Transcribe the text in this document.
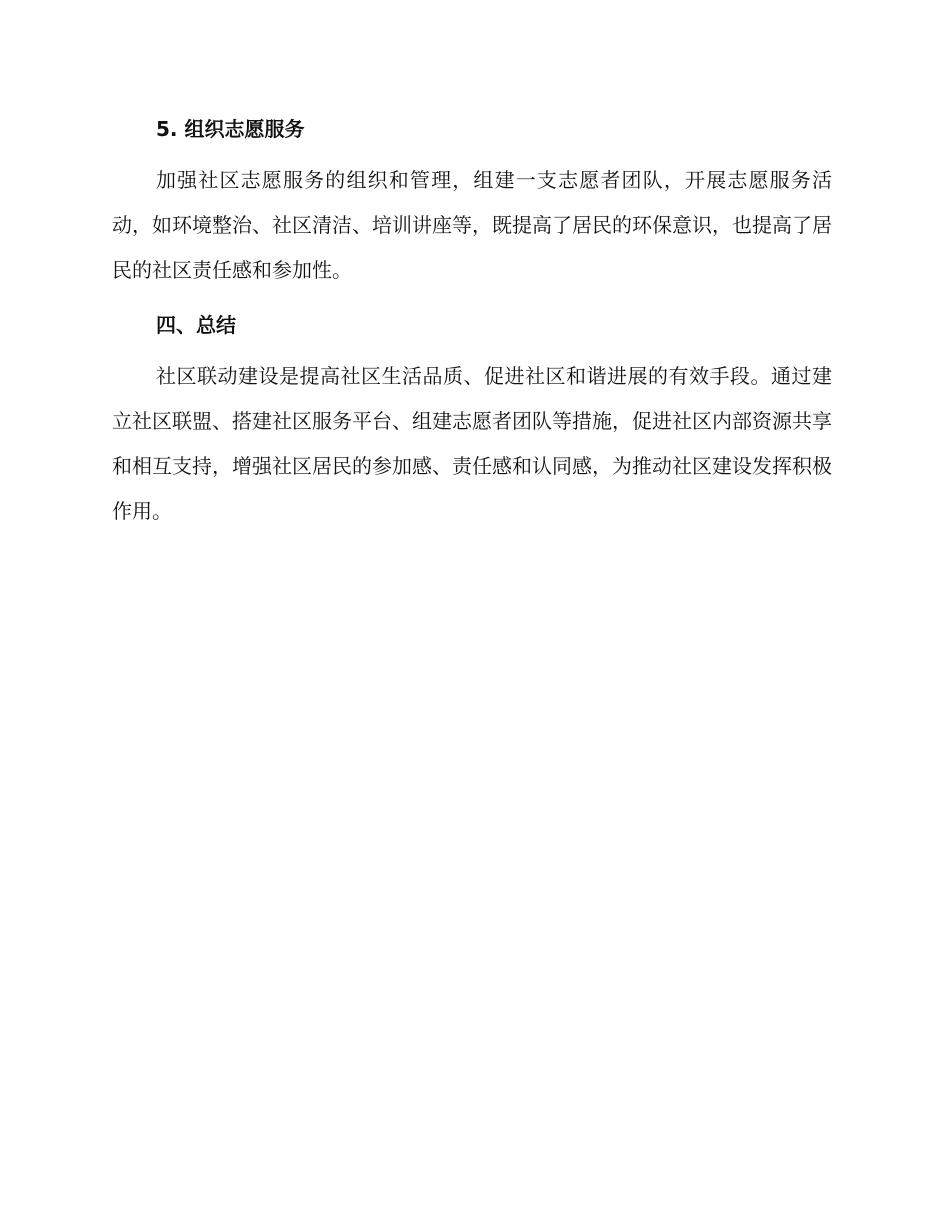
5. 组织志愿服务

加强社区志愿服务的组织和管理，组建一支志愿者团队，开展志愿服务活动，如环境整治、社区清洁、培训讲座等，既提高了居民的环保意识，也提高了居民的社区责任感和参加性。

四、总结

社区联动建设是提高社区生活品质、促进社区和谐进展的有效手段。通过建立社区联盟、搭建社区服务平台、组建志愿者团队等措施，促进社区内部资源共享和相互支持，增强社区居民的参加感、责任感和认同感，为推动社区建设发挥积极作用。
